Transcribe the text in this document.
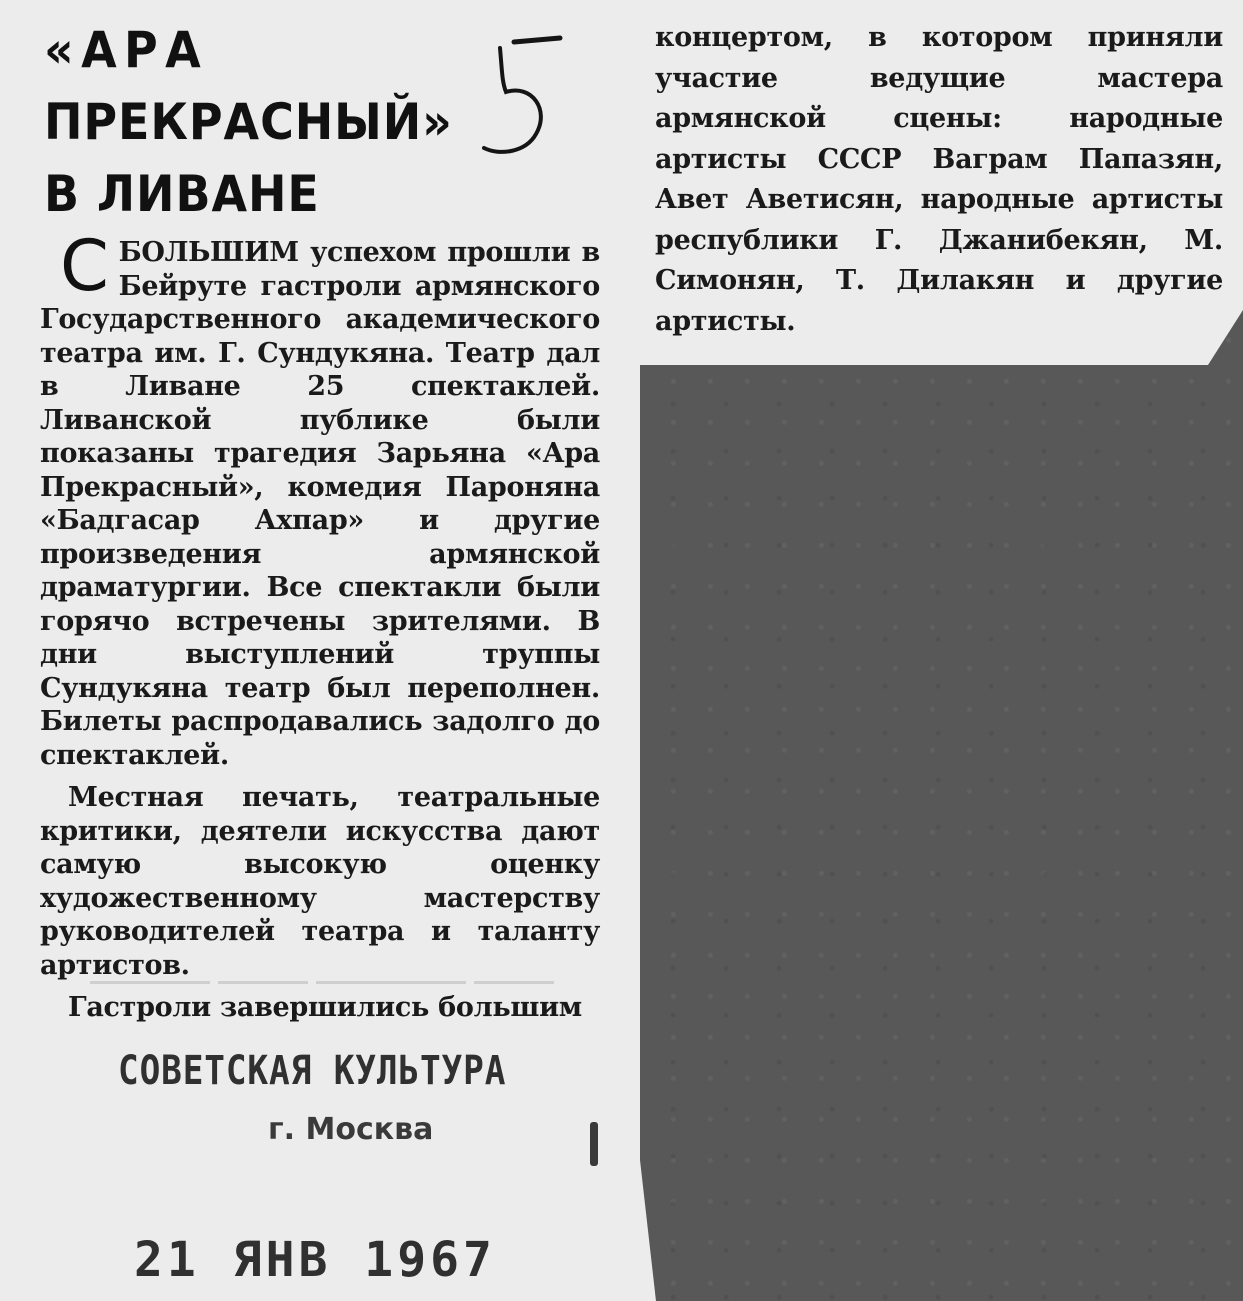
«АРА
ПРЕКРАСНЫЙ»
В ЛИВАНЕ

СБОЛЬШИМ успехом прошли в Бейруте гастроли армянского Государственного академического театра им. Г. Сундукяна. Театр дал в Ливане 25 спектаклей. Ливанской публике были показаны трагедия Зарьяна «Ара Прекрасный», комедия Пароняна «Бадгасар Ахпар» и другие произведения армянской драматургии. Все спектакли были горячо встречены зрителями. В дни выступлений труппы Сундукяна театр был переполнен. Билеты распродавались задолго до спектаклей.

Местная печать, театральные критики, деятели искусства дают самую высокую оценку художественному мастерству руководителей театра и таланту артистов.

Гастроли завершились большим

концертом, в котором приняли участие ведущие мастера армянской сцены: народные артисты СССР Ваграм Папазян, Авет Аветисян, народные артисты республики Г. Джанибекян, М. Симонян, Т. Дилакян и другие артисты.

СОВЕТСКАЯ КУЛЬТУРА

г. Москва

21 ЯНВ 1967
